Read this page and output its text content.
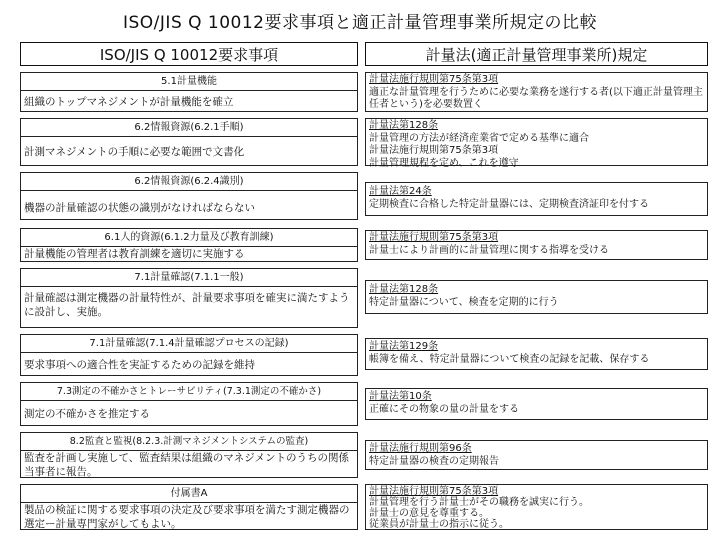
ISO/JIS Q 10012要求事項と適正計量管理事業所規定の比較
ISO/JIS Q 10012要求事項	計量法(適正計量管理事業所)規定
5.1計量機能
組織のトップマネジメントが計量機能を確立
計量法施行規則第75条第3項
適正な計量管理を行うために必要な業務を遂行する者(以下適正計量管理主任者という)を必要数置く
6.2情報資源(6.2.1手順)
計測マネジメントの手順に必要な範囲で文書化
計量法第128条
計量管理の方法が経済産業省で定める基準に適合
計量法施行規則第75条第3項
計量管理規程を定め、これを遵守
6.2情報資源(6.2.4識別)
機器の計量確認の状態の識別がなければならない
計量法第24条
定期検査に合格した特定計量器には、定期検査済証印を付する
6.1人的資源(6.1.2力量及び教育訓練)
計量機能の管理者は教育訓練を適切に実施する
計量法施行規則第75条第3項
計量士により計画的に計量管理に関する指導を受ける
7.1計量確認(7.1.1一般)
計量確認は測定機器の計量特性が、計量要求事項を確実に満たすように設計し、実施。
計量法第128条
特定計量器について、検査を定期的に行う
7.1計量確認(7.1.4計量確認プロセスの記録)
要求事項への適合性を実証するための記録を維持
計量法第129条
帳簿を備え、特定計量器について検査の記録を記載、保存する
7.3測定の不確かさとトレーサビリティ(7.3.1測定の不確かさ)
測定の不確かさを推定する
計量法第10条
正確にその物象の量の計量をする
8.2監査と監視(8.2.3.計測マネジメントシステムの監査)
監査を計画し実施して、監査結果は組織のマネジメントのうちの関係当事者に報告。
計量法施行規則第96条
特定計量器の検査の定期報告
付属書A
製品の検証に関する要求事項の決定及び要求事項を満たす測定機器の選定ー計量専門家がしてもよい。
計量法施行規則第75条第3項
計量管理を行う計量士がその職務を誠実に行う。
計量士の意見を尊重する。
従業員が計量士の指示に従う。
